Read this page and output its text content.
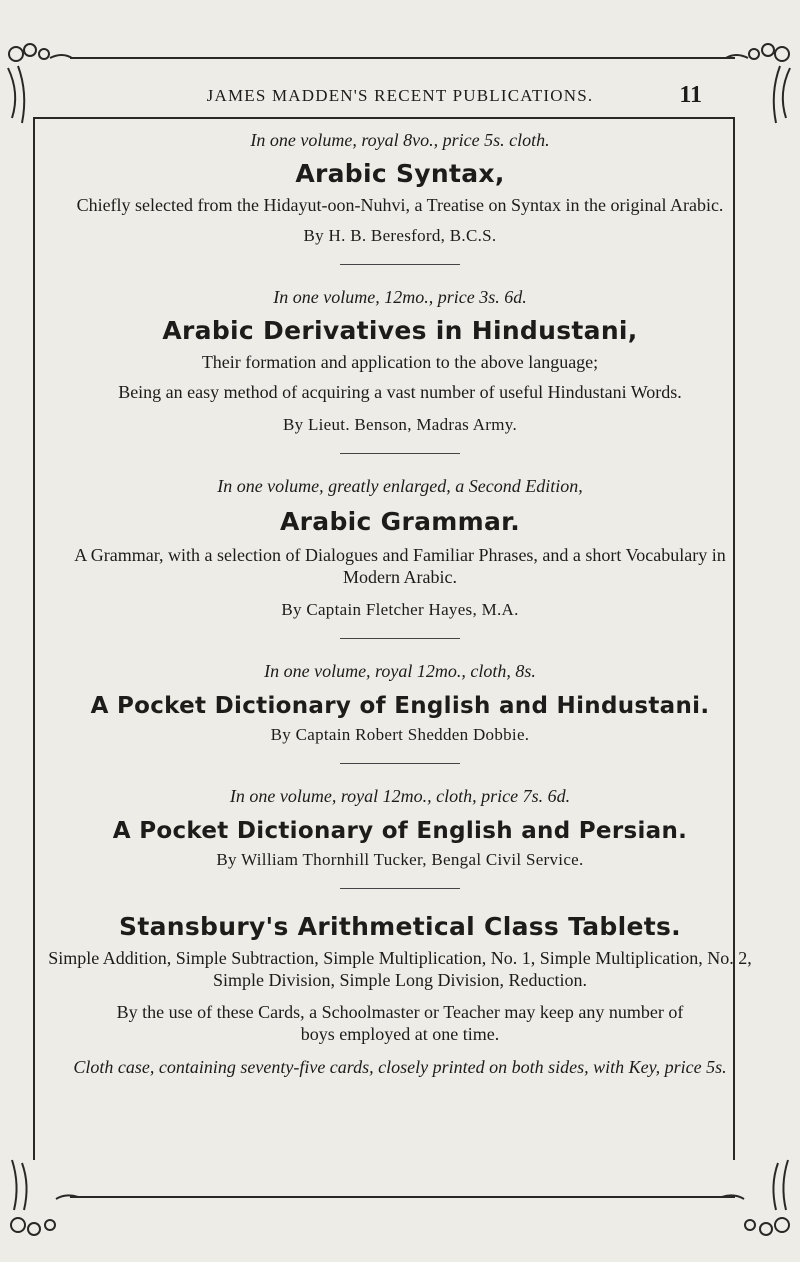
JAMES MADDEN'S RECENT PUBLICATIONS.	11

In one volume, royal 8vo., price 5s. cloth.

Arabic Syntax,

Chiefly selected from the Hidayut-oon-Nuhvi, a Treatise on Syntax in the original Arabic.

By H. B. Beresford, B.C.S.

In one volume, 12mo., price 3s. 6d.

Arabic Derivatives in Hindustani,

Their formation and application to the above language;

Being an easy method of acquiring a vast number of useful Hindustani Words.

By Lieut. Benson, Madras Army.

In one volume, greatly enlarged, a Second Edition,

Arabic Grammar.

A Grammar, with a selection of Dialogues and Familiar Phrases, and a short Vocabulary in Modern Arabic.

By Captain Fletcher Hayes, M.A.

In one volume, royal 12mo., cloth, 8s.

A Pocket Dictionary of English and Hindustani.

By Captain Robert Shedden Dobbie.

In one volume, royal 12mo., cloth, price 7s. 6d.

A Pocket Dictionary of English and Persian.

By William Thornhill Tucker, Bengal Civil Service.

Stansbury's Arithmetical Class Tablets.

Simple Addition, Simple Subtraction, Simple Multiplication, No. 1, Simple Multiplication, No. 2, Simple Division, Simple Long Division, Reduction.

By the use of these Cards, a Schoolmaster or Teacher may keep any number of boys employed at one time.

Cloth case, containing seventy-five cards, closely printed on both sides, with Key, price 5s.
